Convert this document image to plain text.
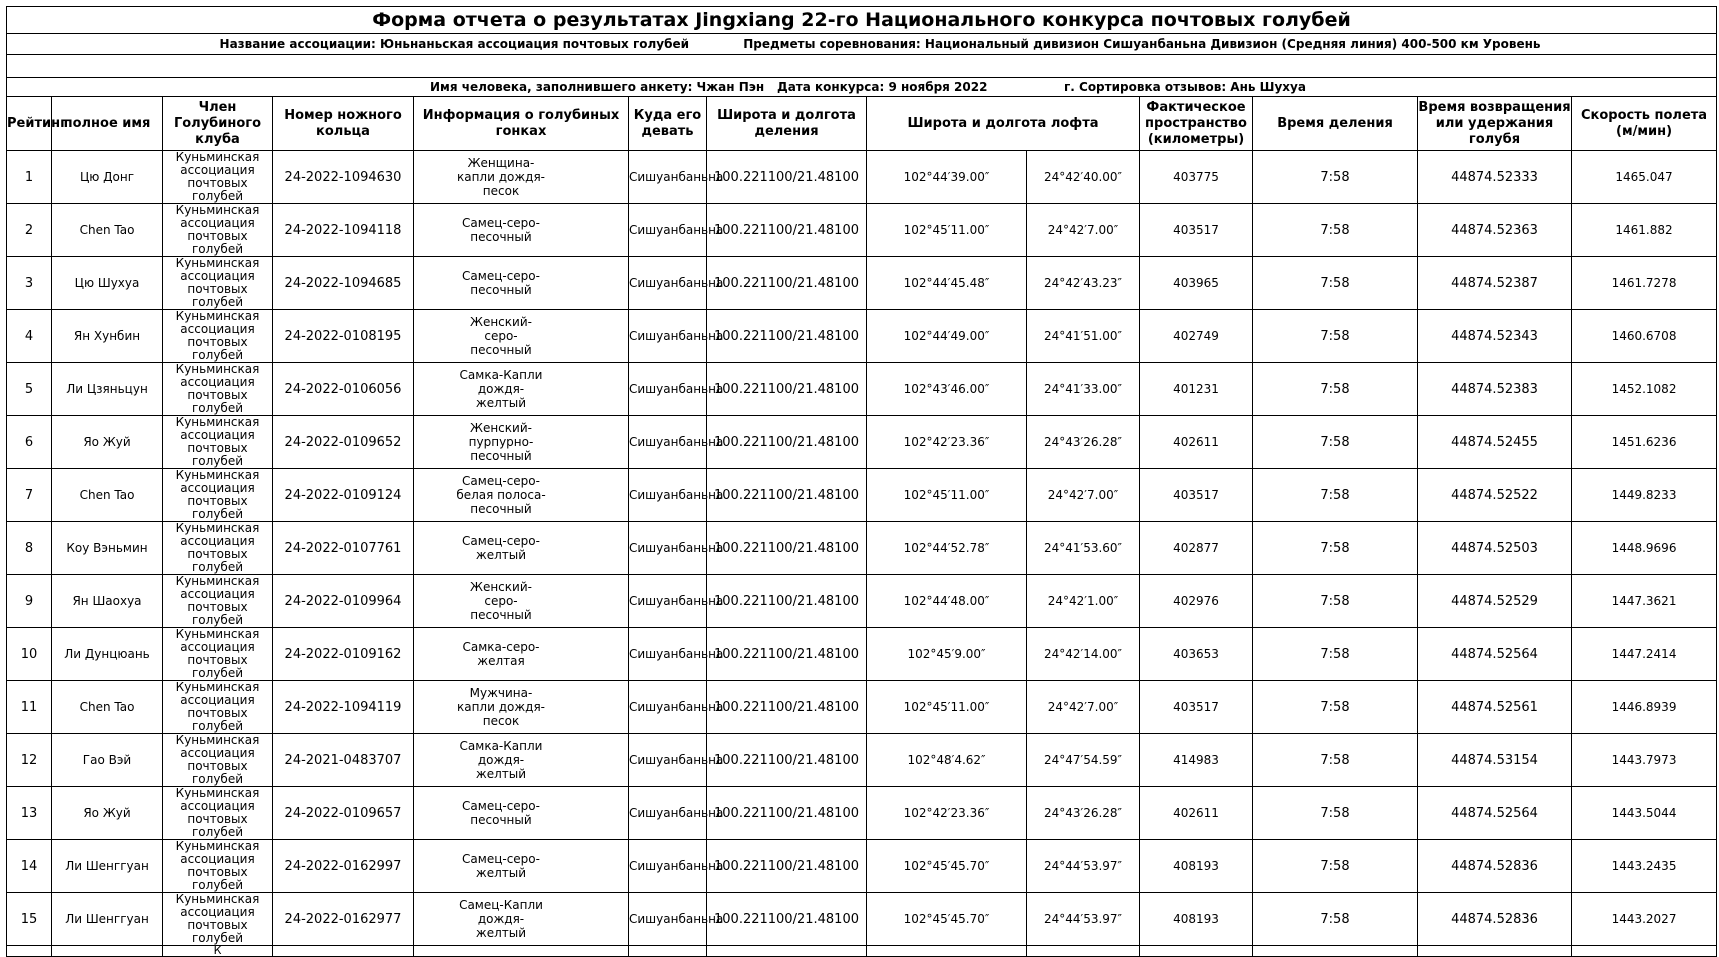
Форма отчета о результатах Jingxiang 22-го Национального конкурса почтовых голубей												
Название ассоциации: Юньнаньская ассоциация почтовых голубей Предметы соревнования: Национальный дивизион Сишуанбаньна Дивизион (Средняя линия) 400-500 км Уровень												

Имя человека, заполнившего анкету: Чжан Пэн Дата конкурса: 9 ноября 2022 г. Сортировка отзывов: Ань Шухуа												

Рейтинг	полное имя	Член Голубиного клуба	Номер ножного кольца	Информация о голубиных гонках	Куда его девать	Широта и долгота деления	Широта и долгота лофта		Фактическое пространство (километры)	Время деления	Время возвращения или удержания голубя	Скорость полета (м/мин)
1	Цю Донг	Куньминская ассоциация почтовых голубей	24-2022-1094630	Женщина-капли дождя-песок	Сишуанбаньна	100.221100/21.48100	102°44′39.00″	24°42′40.00″	403775	7:58	44874.52333	1465.047
2	Chen Tao	Куньминская ассоциация почтовых голубей	24-2022-1094118	Самец-серо-песочный	Сишуанбаньна	100.221100/21.48100	102°45′11.00″	24°42′7.00″	403517	7:58	44874.52363	1461.882
3	Цю Шухуа	Куньминская ассоциация почтовых голубей	24-2022-1094685	Самец-серо-песочный	Сишуанбаньна	100.221100/21.48100	102°44′45.48″	24°42′43.23″	403965	7:58	44874.52387	1461.7278
4	Ян Хунбин	Куньминская ассоциация почтовых голубей	24-2022-0108195	Женский-серо-песочный	Сишуанбаньна	100.221100/21.48100	102°44′49.00″	24°41′51.00″	402749	7:58	44874.52343	1460.6708
5	Ли Цзяньцун	Куньминская ассоциация почтовых голубей	24-2022-0106056	Самка-Капли дождя-желтый	Сишуанбаньна	100.221100/21.48100	102°43′46.00″	24°41′33.00″	401231	7:58	44874.52383	1452.1082
6	Яо Жуй	Куньминская ассоциация почтовых голубей	24-2022-0109652	Женский-пурпурно-песочный	Сишуанбаньна	100.221100/21.48100	102°42′23.36″	24°43′26.28″	402611	7:58	44874.52455	1451.6236
7	Chen Tao	Куньминская ассоциация почтовых голубей	24-2022-0109124	Самец-серо-белая полоса-песочный	Сишуанбаньна	100.221100/21.48100	102°45′11.00″	24°42′7.00″	403517	7:58	44874.52522	1449.8233
8	Коу Вэньмин	Куньминская ассоциация почтовых голубей	24-2022-0107761	Самец-серо-желтый	Сишуанбаньна	100.221100/21.48100	102°44′52.78″	24°41′53.60″	402877	7:58	44874.52503	1448.9696
9	Ян Шаохуа	Куньминская ассоциация почтовых голубей	24-2022-0109964	Женский-серо-песочный	Сишуанбаньна	100.221100/21.48100	102°44′48.00″	24°42′1.00″	402976	7:58	44874.52529	1447.3621
10	Ли Дунцюань	Куньминская ассоциация почтовых голубей	24-2022-0109162	Самка-серо-желтая	Сишуанбаньна	100.221100/21.48100	102°45′9.00″	24°42′14.00″	403653	7:58	44874.52564	1447.2414
11	Chen Tao	Куньминская ассоциация почтовых голубей	24-2022-1094119	Мужчина-капли дождя-песок	Сишуанбаньна	100.221100/21.48100	102°45′11.00″	24°42′7.00″	403517	7:58	44874.52561	1446.8939
12	Гао Вэй	Куньминская ассоциация почтовых голубей	24-2021-0483707	Самка-Капли дождя-желтый	Сишуанбаньна	100.221100/21.48100	102°48′4.62″	24°47′54.59″	414983	7:58	44874.53154	1443.7973
13	Яо Жуй	Куньминская ассоциация почтовых голубей	24-2022-0109657	Самец-серо-песочный	Сишуанбаньна	100.221100/21.48100	102°42′23.36″	24°43′26.28″	402611	7:58	44874.52564	1443.5044
14	Ли Шенггуан	Куньминская ассоциация почтовых голубей	24-2022-0162997	Самец-серо-желтый	Сишуанбаньна	100.221100/21.48100	102°45′45.70″	24°44′53.97″	408193	7:58	44874.52836	1443.2435
15	Ли Шенггуан	Куньминская ассоциация почтовых голубей	24-2022-0162977	Самец-Капли дождя-желтый	Сишуанбаньна	100.221100/21.48100	102°45′45.70″	24°44′53.97″	408193	7:58	44874.52836	1443.2027
		К										
